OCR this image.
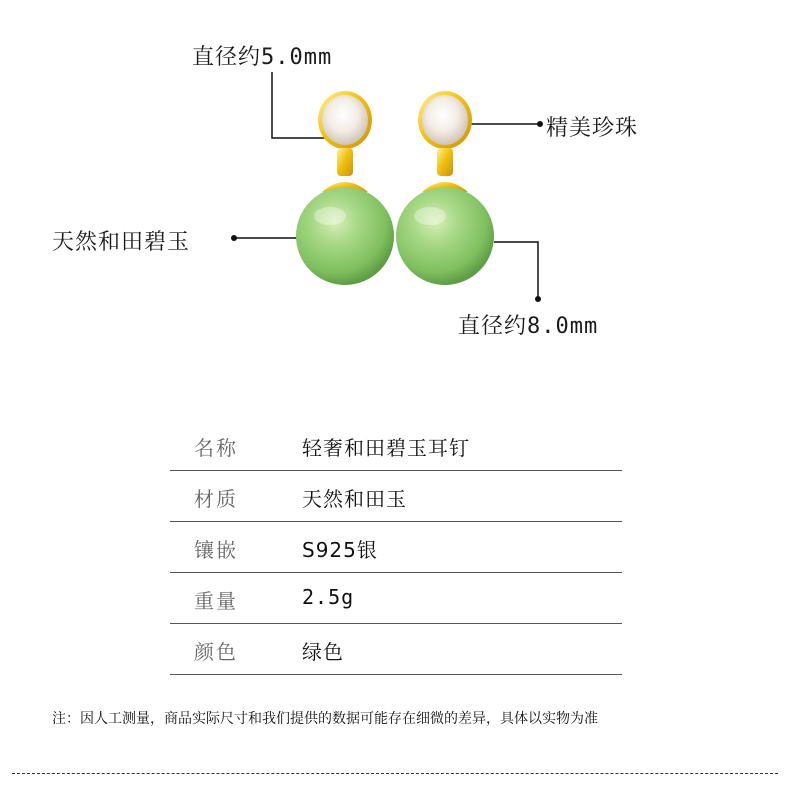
直径约5.0mm
精美珍珠
天然和田碧玉
直径约8.0mm
名称	轻奢和田碧玉耳钉
材质	天然和田玉
镶嵌	S925银
重量	2.5g
颜色	绿色
注：因人工测量，商品实际尺寸和我们提供的数据可能存在细微的差异，具体以实物为准
